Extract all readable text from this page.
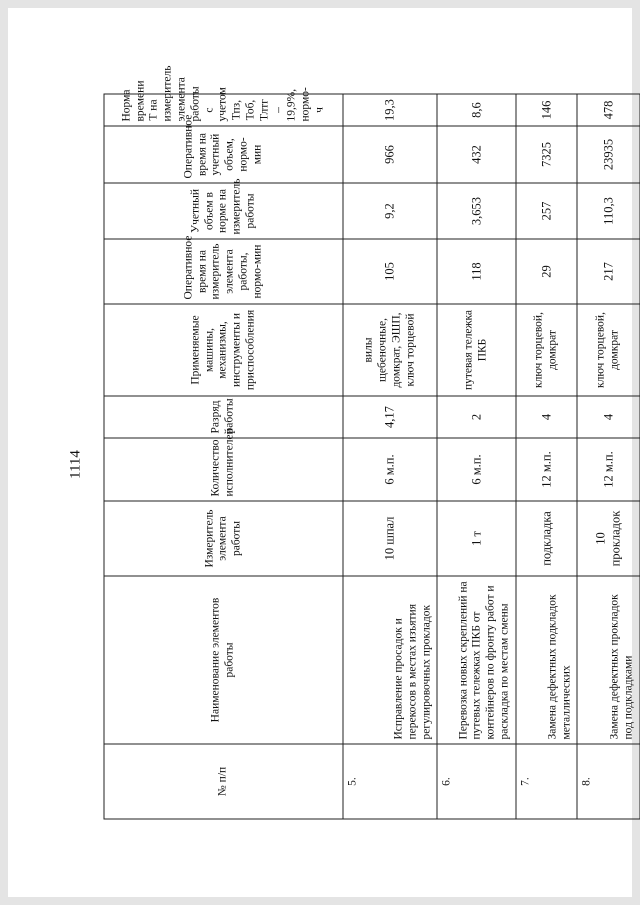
1114
№ п/п	Наименование элементов работы	Измеритель элемента работы	Количество исполнителей	Разряд работы	Применяемые машины, механизмы, инструменты и приспособления	Оперативное время на измеритель элемента работы, нормо-мин	Учетный объем в норме на измеритель работы	Оперативное время на учетный объем, нормо-мин	Норма времени Т на измеритель элемента работы с учетом Тпз, Тоб, Тлтг – 19,9%, нормо-ч
5.	Исправление просадок и перекосов в местах изъятия регулировочных прокладок	10 шпал	6 м.п.	4,17	вилы щебеночные, домкрат, ЭШП, ключ торцевой	105	9,2	966	19,3
6.	Перевозка новых скреплений на путевых тележках ПКБ от контейнеров по фронту работ и раскладка по местам смены	1 т	6 м.п.	2	путевая тележка ПКБ	118	3,653	432	8,6
7.	Замена дефектных подкладок металлических	подкладка	12 м.п.	4	ключ торцевой, домкрат	29	257	7325	146
8.	Замена дефектных прокладок под подкладками	10 прокладок	12 м.п.	4	ключ торцевой, домкрат	217	110,3	23935	478
